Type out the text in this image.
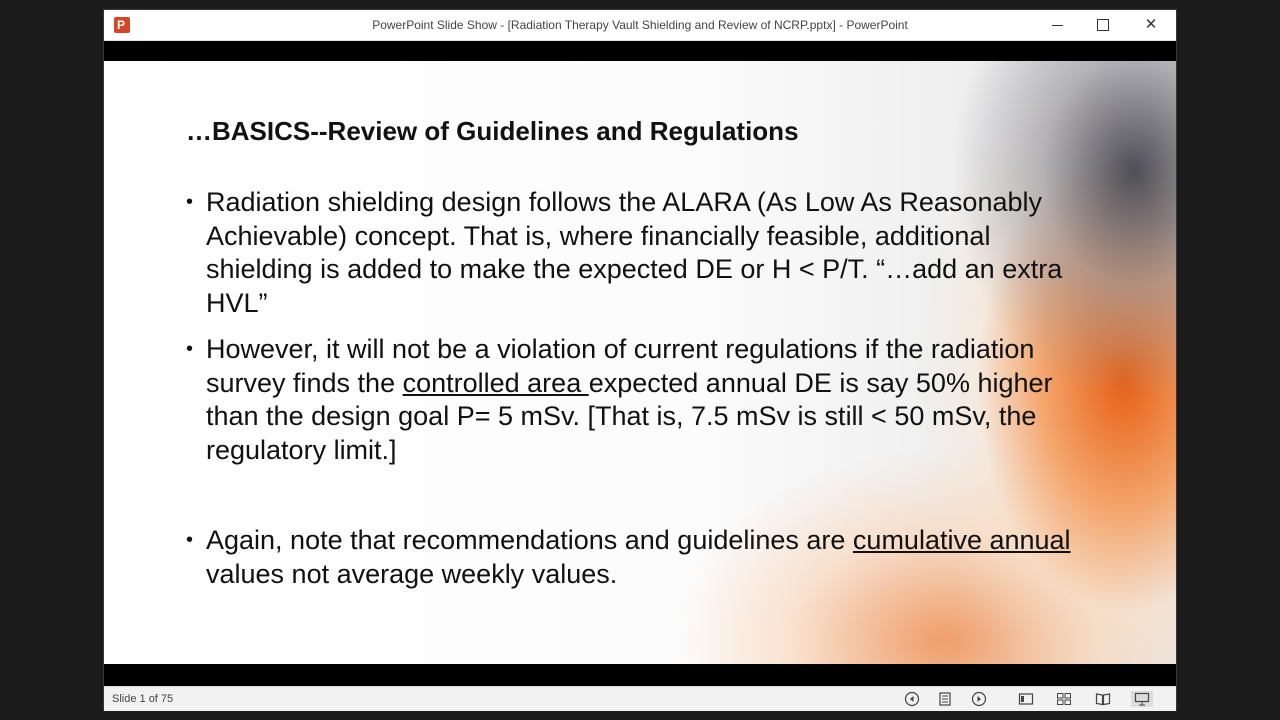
P
PowerPoint Slide Show - [Radiation Therapy Vault Shielding and Review of NCRP.pptx] - PowerPoint	✕
…BASICS--Review of Guidelines and Regulations
• Radiation shielding design follows the ALARA (As Low As Reasonably Achievable) concept. That is, where financially feasible, additional shielding is added to make the expected DE or H < P/T. “…add an extra HVL”
• However, it will not be a violation of current regulations if the radiation survey finds the controlled area expected annual DE is say 50% higher than the design goal P= 5 mSv. [That is, 7.5 mSv is still < 50 mSv, the regulatory limit.]
• Again, note that recommendations and guidelines are cumulative annual values not average weekly values.
Slide 1 of 75
